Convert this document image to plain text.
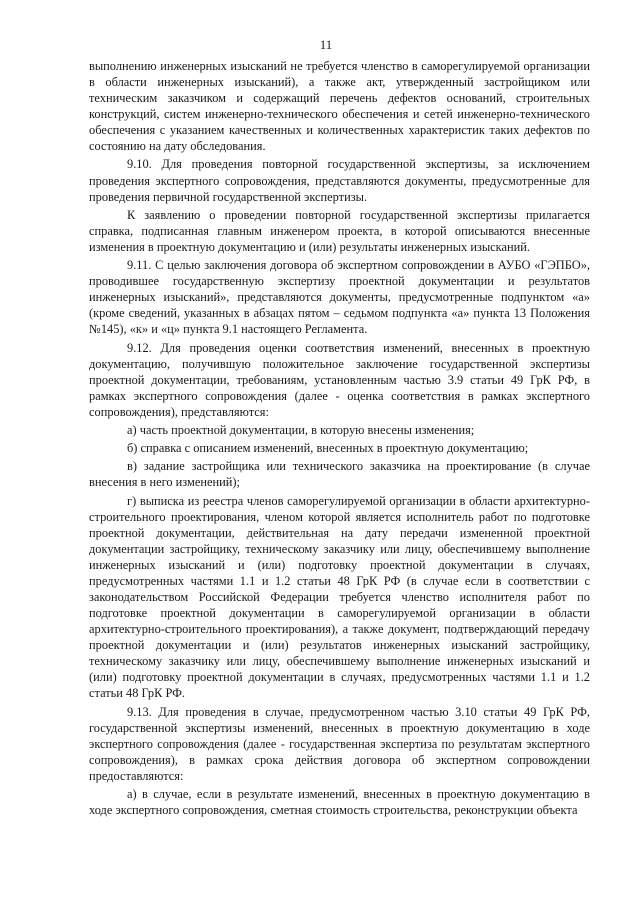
11

выполнению инженерных изысканий не требуется членство в саморегулируемой организации в области инженерных изысканий), а также акт, утвержденный застройщиком или техническим заказчиком и содержащий перечень дефектов оснований, строительных конструкций, систем инженерно-технического обеспечения и сетей инженерно-технического обеспечения с указанием качественных и количественных характеристик таких дефектов по состоянию на дату обследования.

9.10. Для проведения повторной государственной экспертизы, за исключением проведения экспертного сопровождения, представляются документы, предусмотренные для проведения первичной государственной экспертизы.

К заявлению о проведении повторной государственной экспертизы прилагается справка, подписанная главным инженером проекта, в которой описываются внесенные изменения в проектную документацию и (или) результаты инженерных изысканий.

9.11. С целью заключения договора об экспертном сопровождении в АУБО «ГЭПБО», проводившее государственную экспертизу проектной документации и результатов инженерных изысканий», представляются документы, предусмотренные подпунктом «а» (кроме сведений, указанных в абзацах пятом – седьмом подпункта «а» пункта 13 Положения №145), «к» и «ц» пункта 9.1 настоящего Регламента.

9.12. Для проведения оценки соответствия изменений, внесенных в проектную документацию, получившую положительное заключение государственной экспертизы проектной документации, требованиям, установленным частью 3.9 статьи 49 ГрК РФ, в рамках экспертного сопровождения (далее - оценка соответствия в рамках экспертного сопровождения), представляются:

а) часть проектной документации, в которую внесены изменения;

б) справка с описанием изменений, внесенных в проектную документацию;

в) задание застройщика или технического заказчика на проектирование (в случае внесения в него изменений);

г) выписка из реестра членов саморегулируемой организации в области архитектурно-строительного проектирования, членом которой является исполнитель работ по подготовке проектной документации, действительная на дату передачи измененной проектной документации застройщику, техническому заказчику или лицу, обеспечившему выполнение инженерных изысканий и (или) подготовку проектной документации в случаях, предусмотренных частями 1.1 и 1.2 статьи 48 ГрК РФ (в случае если в соответствии с законодательством Российской Федерации требуется членство исполнителя работ по подготовке проектной документации в саморегулируемой организации в области архитектурно-строительного проектирования), а также документ, подтверждающий передачу проектной документации и (или) результатов инженерных изысканий застройщику, техническому заказчику или лицу, обеспечившему выполнение инженерных изысканий и (или) подготовку проектной документации в случаях, предусмотренных частями 1.1 и 1.2 статьи 48 ГрК РФ.

9.13. Для проведения в случае, предусмотренном частью 3.10 статьи 49 ГрК РФ, государственной экспертизы изменений, внесенных в проектную документацию в ходе экспертного сопровождения (далее - государственная экспертиза по результатам экспертного сопровождения), в рамках срока действия договора об экспертном сопровождении предоставляются:

а) в случае, если в результате изменений, внесенных в проектную документацию в ходе экспертного сопровождения, сметная стоимость строительства, реконструкции объекта
